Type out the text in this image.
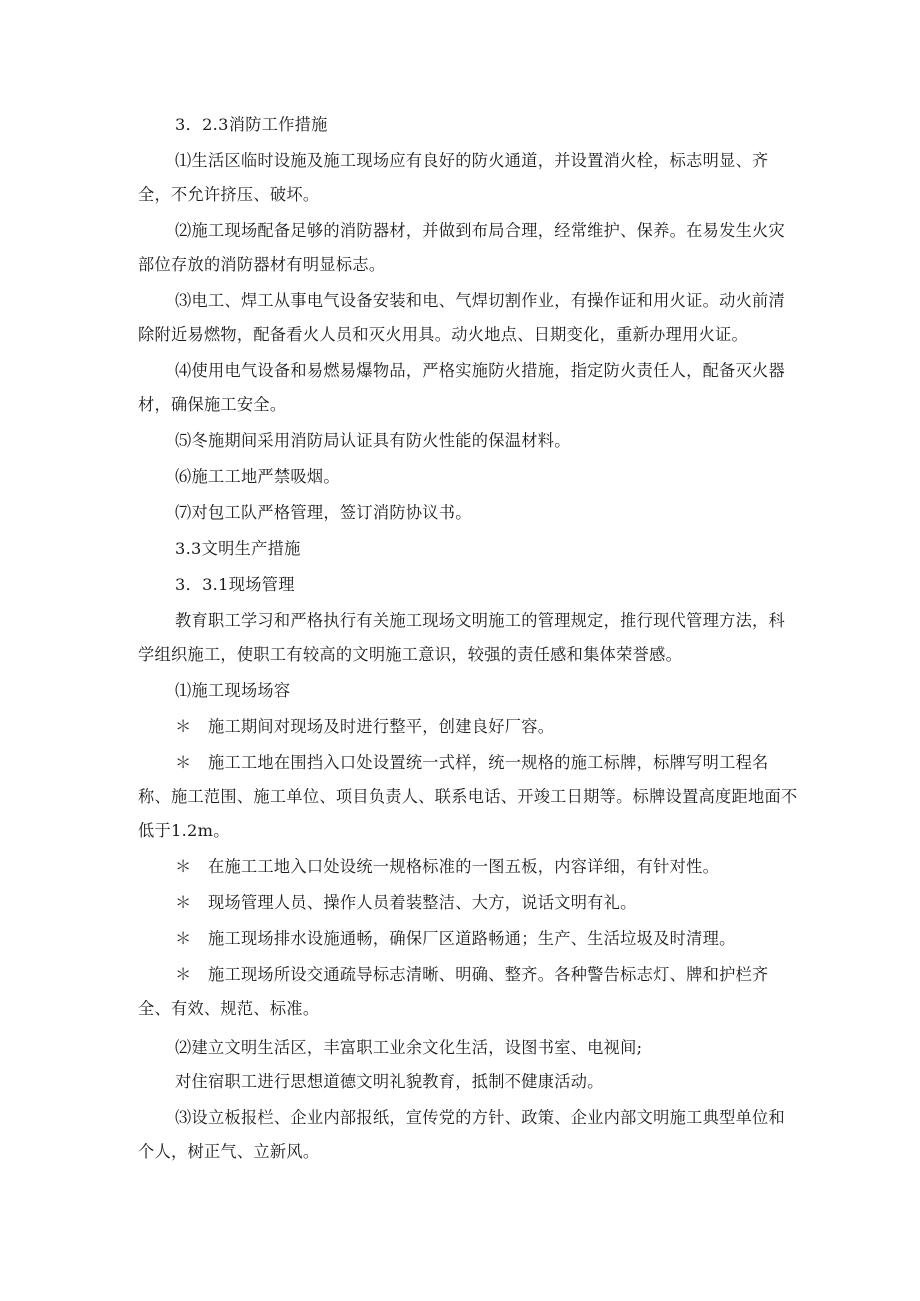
3．2.3消防工作措施

⑴生活区临时设施及施工现场应有良好的防火通道，并设置消火栓，标志明显、齐全，不允许挤压、破坏。

⑵施工现场配备足够的消防器材，并做到布局合理，经常维护、保养。在易发生火灾部位存放的消防器材有明显标志。

⑶电工、焊工从事电气设备安装和电、气焊切割作业，有操作证和用火证。动火前清除附近易燃物，配备看火人员和灭火用具。动火地点、日期变化，重新办理用火证。

⑷使用电气设备和易燃易爆物品，严格实施防火措施，指定防火责任人，配备灭火器材，确保施工安全。

⑸冬施期间采用消防局认证具有防火性能的保温材料。

⑹施工工地严禁吸烟。

⑺对包工队严格管理，签订消防协议书。

3.3文明生产措施

3．3.1现场管理

教育职工学习和严格执行有关施工现场文明施工的管理规定，推行现代管理方法，科学组织施工，使职工有较高的文明施工意识，较强的责任感和集体荣誉感。

⑴施工现场场容

＊　施工期间对现场及时进行整平，创建良好厂容。

＊　施工工地在围挡入口处设置统一式样，统一规格的施工标牌，标牌写明工程名称、施工范围、施工单位、项目负责人、联系电话、开竣工日期等。标牌设置高度距地面不低于1.2m。

＊　在施工工地入口处设统一规格标准的一图五板，内容详细，有针对性。

＊　现场管理人员、操作人员着装整洁、大方，说话文明有礼。

＊　施工现场排水设施通畅，确保厂区道路畅通；生产、生活垃圾及时清理。

＊　施工现场所设交通疏导标志清晰、明确、整齐。各种警告标志灯、牌和护栏齐全、有效、规范、标准。

⑵建立文明生活区，丰富职工业余文化生活，设图书室、电视间;

对住宿职工进行思想道德文明礼貌教育，抵制不健康活动。

⑶设立板报栏、企业内部报纸，宣传党的方针、政策、企业内部文明施工典型单位和个人，树正气、立新风。
